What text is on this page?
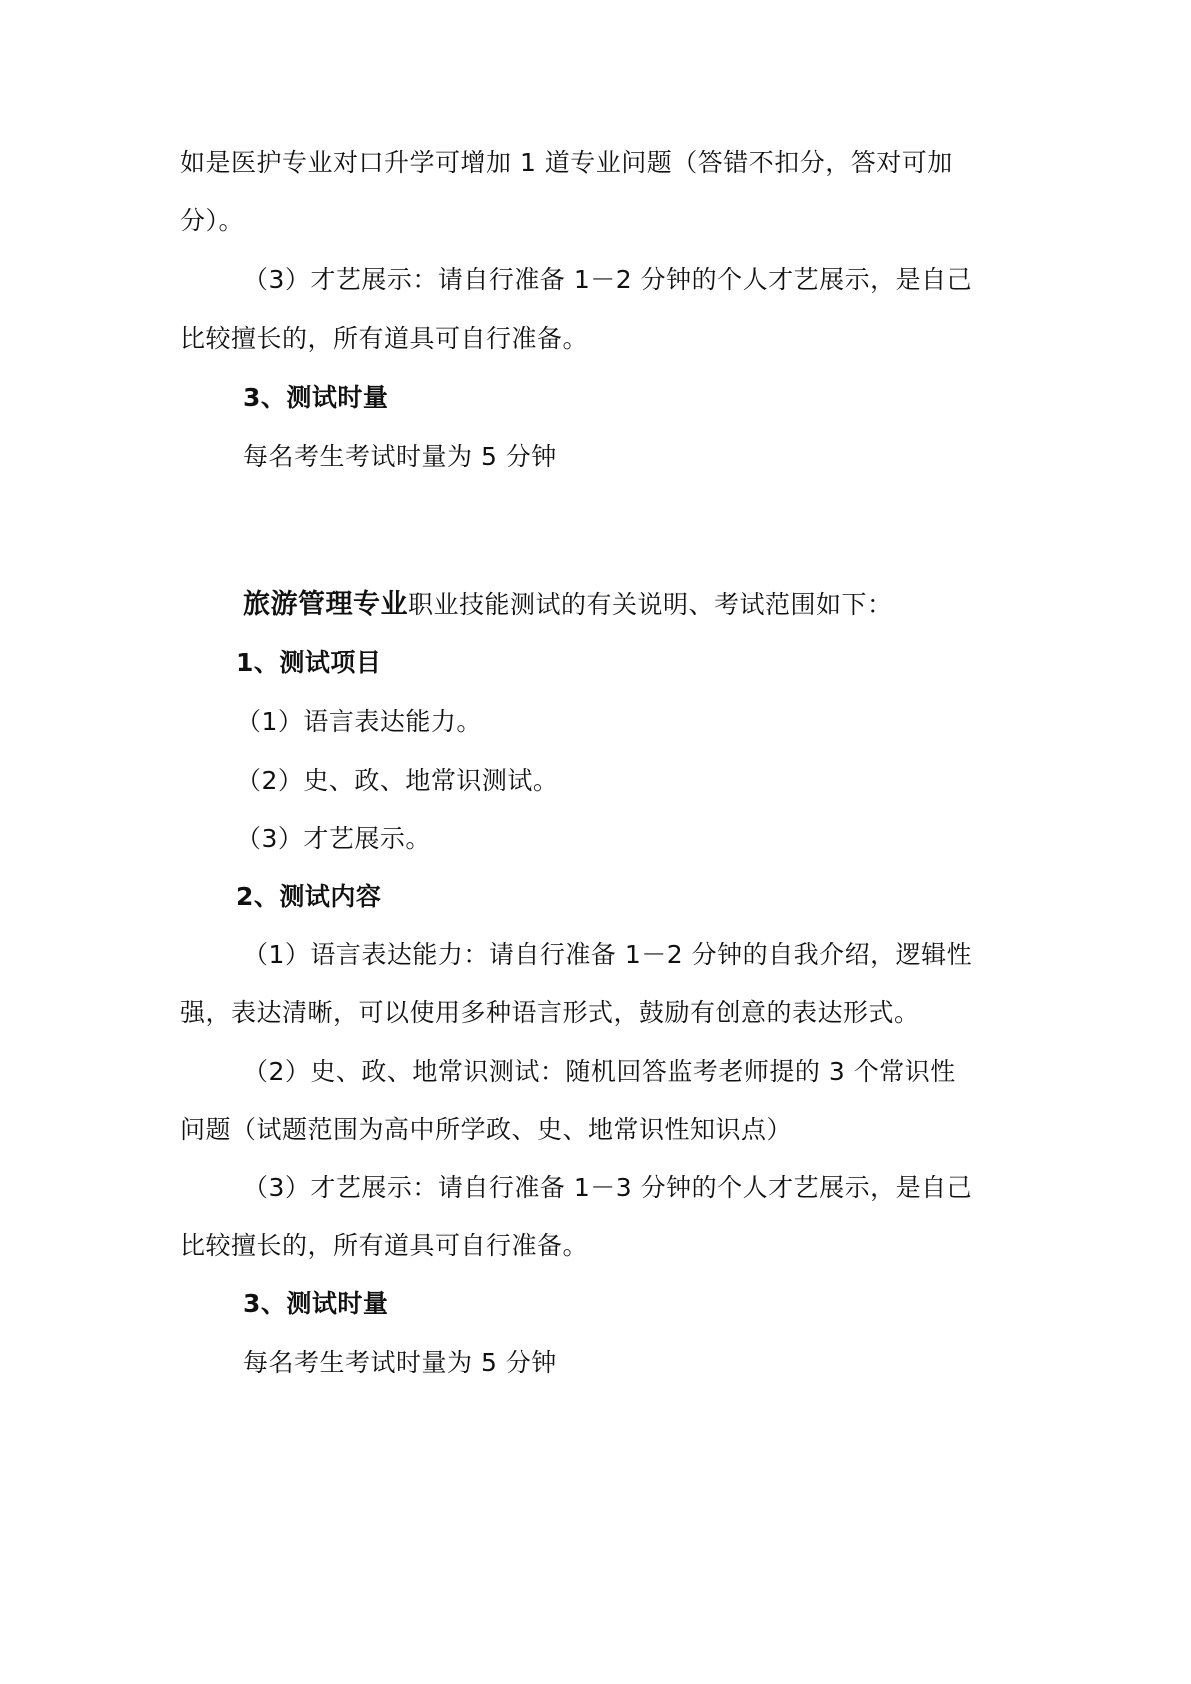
如是医护专业对口升学可增加 1 道专业问题（答错不扣分，答对可加
分）。
（3）才艺展示：请自行准备 1－2 分钟的个人才艺展示，是自己
比较擅长的，所有道具可自行准备。
3、测试时量
每名考生考试时量为 5 分钟
旅游管理专业职业技能测试的有关说明、考试范围如下：
1、测试项目
（1）语言表达能力。
（2）史、政、地常识测试。
（3）才艺展示。
2、测试内容
（1）语言表达能力：请自行准备 1－2 分钟的自我介绍，逻辑性
强，表达清晰，可以使用多种语言形式，鼓励有创意的表达形式。
（2）史、政、地常识测试：随机回答监考老师提的 3 个常识性
问题（试题范围为高中所学政、史、地常识性知识点）
（3）才艺展示：请自行准备 1－3 分钟的个人才艺展示，是自己
比较擅长的，所有道具可自行准备。
3、测试时量
每名考生考试时量为 5 分钟
